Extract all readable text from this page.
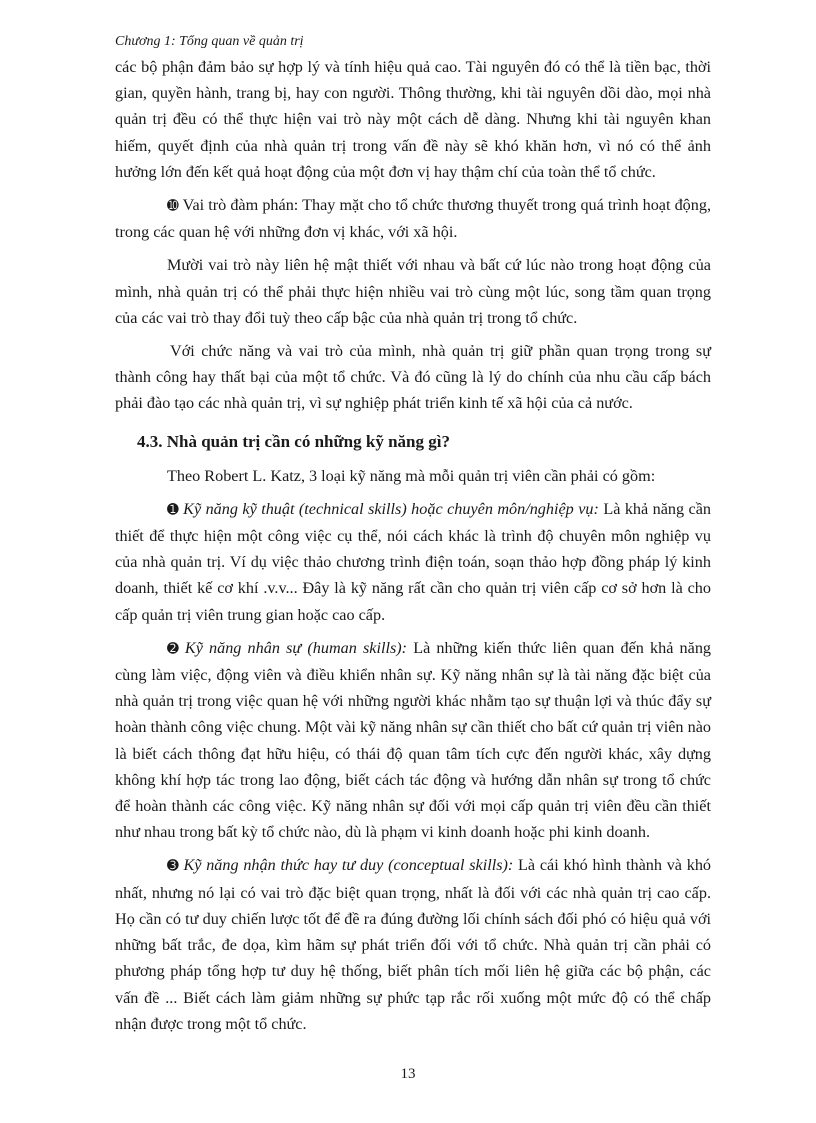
Chương 1: Tổng quan về quản trị

các bộ phận đảm bảo sự hợp lý và tính hiệu quả cao. Tài nguyên đó có thể là tiền bạc, thời gian, quyền hành, trang bị, hay con người. Thông thường, khi tài nguyên dồi dào, mọi nhà quản trị đều có thể thực hiện vai trò này một cách dễ dàng. Nhưng khi tài nguyên khan hiếm, quyết định của nhà quản trị trong vấn đề này sẽ khó khăn hơn, vì nó có thể ảnh hưởng lớn đến kết quả hoạt động của một đơn vị hay thậm chí của toàn thể tổ chức.

➓ Vai trò đàm phán: Thay mặt cho tổ chức thương thuyết trong quá trình hoạt động, trong các quan hệ với những đơn vị khác, với xã hội.

Mười vai trò này liên hệ mật thiết với nhau và bất cứ lúc nào trong hoạt động của mình, nhà quản trị có thể phải thực hiện nhiều vai trò cùng một lúc, song tầm quan trọng của các vai trò thay đổi tuỳ theo cấp bậc của nhà quản trị trong tổ chức.

Với chức năng và vai trò của mình, nhà quản trị giữ phần quan trọng trong sự thành công hay thất bại của một tổ chức. Và đó cũng là lý do chính của nhu cầu cấp bách phải đào tạo các nhà quản trị, vì sự nghiệp phát triển kinh tế xã hội của cả nước.

4.3. Nhà quản trị cần có những kỹ năng gì?

Theo Robert L. Katz, 3 loại kỹ năng mà mỗi quản trị viên cần phải có gồm:

➊ Kỹ năng kỹ thuật (technical skills) hoặc chuyên môn/nghiệp vụ: Là khả năng cần thiết để thực hiện một công việc cụ thể, nói cách khác là trình độ chuyên môn nghiệp vụ của nhà quản trị. Ví dụ việc thảo chương trình điện toán, soạn thảo hợp đồng pháp lý kinh doanh, thiết kế cơ khí .v.v... Đây là kỹ năng rất cần cho quản trị viên cấp cơ sở hơn là cho cấp quản trị viên trung gian hoặc cao cấp.

➋ Kỹ năng nhân sự (human skills): Là những kiến thức liên quan đến khả năng cùng làm việc, động viên và điều khiển nhân sự. Kỹ năng nhân sự là tài năng đặc biệt của nhà quản trị trong việc quan hệ với những người khác nhằm tạo sự thuận lợi và thúc đẩy sự hoàn thành công việc chung. Một vài kỹ năng nhân sự cần thiết cho bất cứ quản trị viên nào là biết cách thông đạt hữu hiệu, có thái độ quan tâm tích cực đến người khác, xây dựng không khí hợp tác trong lao động, biết cách tác động và hướng dẫn nhân sự trong tổ chức để hoàn thành các công việc. Kỹ năng nhân sự đối với mọi cấp quản trị viên đều cần thiết như nhau trong bất kỳ tổ chức nào, dù là phạm vi kinh doanh hoặc phi kinh doanh.

➌ Kỹ năng nhận thức hay tư duy (conceptual skills): Là cái khó hình thành và khó nhất, nhưng nó lại có vai trò đặc biệt quan trọng, nhất là đối với các nhà quản trị cao cấp. Họ cần có tư duy chiến lược tốt để đề ra đúng đường lối chính sách đối phó có hiệu quả với những bất trắc, đe dọa, kìm hãm sự phát triển đối với tổ chức. Nhà quản trị cần phải có phương pháp tổng hợp tư duy hệ thống, biết phân tích mối liên hệ giữa các bộ phận, các vấn đề ... Biết cách làm giảm những sự phức tạp rắc rối xuống một mức độ có thể chấp nhận được trong một tổ chức.

13
